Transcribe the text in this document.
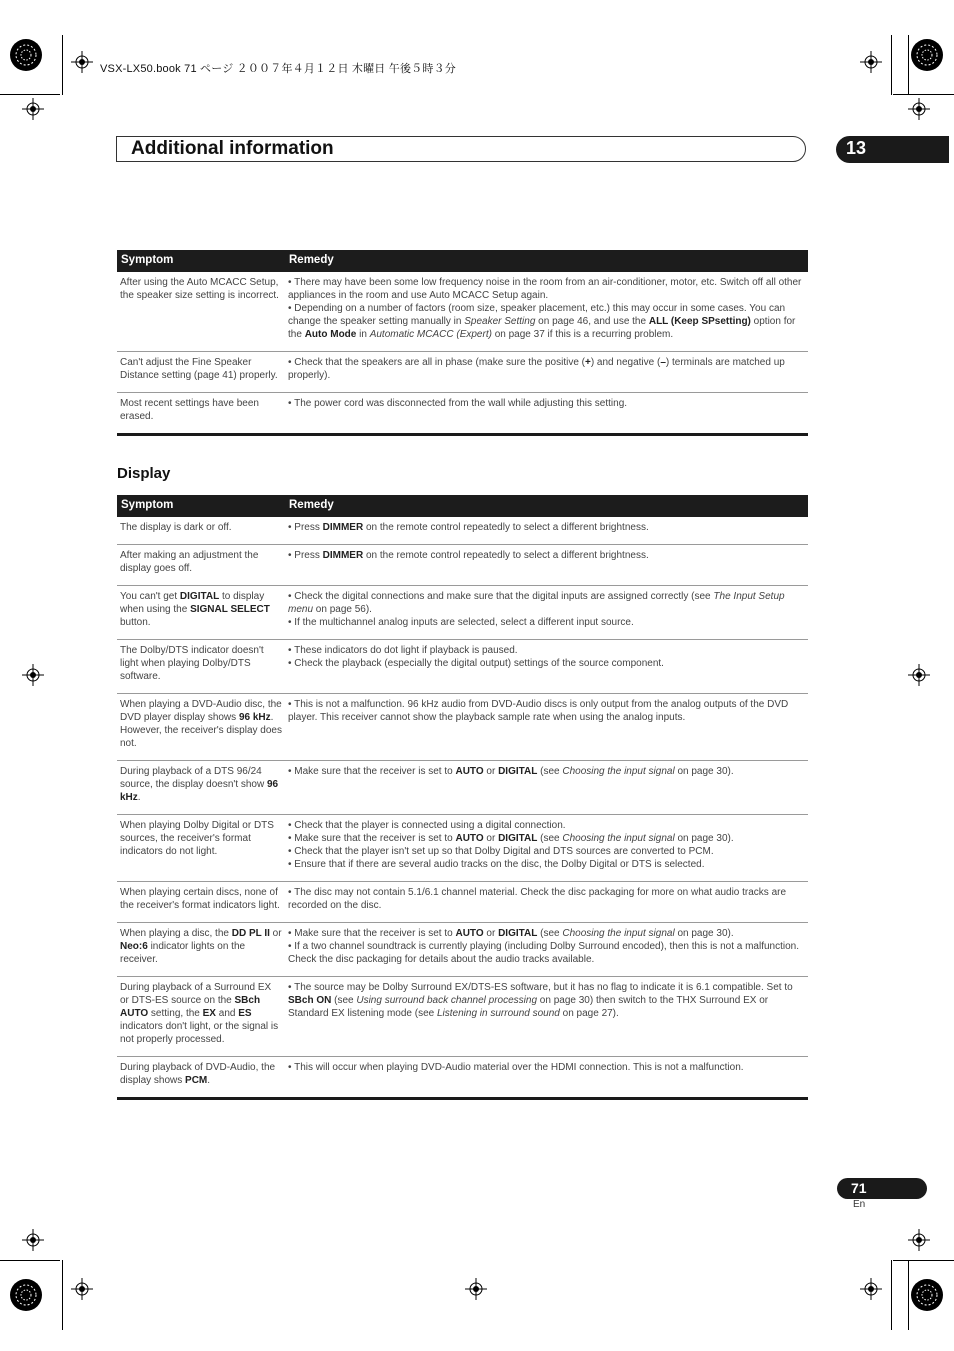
VSX-LX50.book 71 ページ ２００７年４月１２日 木曜日 午後５時３分
Additional information	13
Symptom	Remedy
After using the Auto MCACC Setup, the speaker size setting is incorrect.	• There may have been some low frequency noise in the room from an air-conditioner, motor, etc. Switch off all other appliances in the room and use Auto MCACC Setup again.
• Depending on a number of factors (room size, speaker placement, etc.) this may occur in some cases. You can change the speaker setting manually in Speaker Setting on page 46, and use the ALL (Keep SPsetting) option for the Auto Mode in Automatic MCACC (Expert) on page 37 if this is a recurring problem.
Can't adjust the Fine Speaker Distance setting (page 41) properly.	• Check that the speakers are all in phase (make sure the positive (+) and negative (–) terminals are matched up properly).
Most recent settings have been erased.	• The power cord was disconnected from the wall while adjusting this setting.
Display
Symptom	Remedy
The display is dark or off.	• Press DIMMER on the remote control repeatedly to select a different brightness.
After making an adjustment the display goes off.	• Press DIMMER on the remote control repeatedly to select a different brightness.
You can't get DIGITAL to display when using the SIGNAL SELECT button.	• Check the digital connections and make sure that the digital inputs are assigned correctly (see The Input Setup menu on page 56).
• If the multichannel analog inputs are selected, select a different input source.
The Dolby/DTS indicator doesn't light when playing Dolby/DTS software.	• These indicators do dot light if playback is paused.
• Check the playback (especially the digital output) settings of the source component.
When playing a DVD-Audio disc, the DVD player display shows 96 kHz. However, the receiver's display does not.	• This is not a malfunction. 96 kHz audio from DVD-Audio discs is only output from the analog outputs of the DVD player. This receiver cannot show the playback sample rate when using the analog inputs.
During playback of a DTS 96/24 source, the display doesn't show 96 kHz.	• Make sure that the receiver is set to AUTO or DIGITAL (see Choosing the input signal on page 30).
When playing Dolby Digital or DTS sources, the receiver's format indicators do not light.	• Check that the player is connected using a digital connection.
• Make sure that the receiver is set to AUTO or DIGITAL (see Choosing the input signal on page 30).
• Check that the player isn't set up so that Dolby Digital and DTS sources are converted to PCM.
• Ensure that if there are several audio tracks on the disc, the Dolby Digital or DTS is selected.
When playing certain discs, none of the receiver's format indicators light.	• The disc may not contain 5.1/6.1 channel material. Check the disc packaging for more on what audio tracks are recorded on the disc.
When playing a disc, the DD PL II or Neo:6 indicator lights on the receiver.	• Make sure that the receiver is set to AUTO or DIGITAL (see Choosing the input signal on page 30).
• If a two channel soundtrack is currently playing (including Dolby Surround encoded), then this is not a malfunction. Check the disc packaging for details about the audio tracks available.
During playback of a Surround EX or DTS-ES source on the SBch AUTO setting, the EX and ES indicators don't light, or the signal is not properly processed.	• The source may be Dolby Surround EX/DTS-ES software, but it has no flag to indicate it is 6.1 compatible. Set to SBch ON (see Using surround back channel processing on page 30) then switch to the THX Surround EX or Standard EX listening mode (see Listening in surround sound on page 27).
During playback of DVD-Audio, the display shows PCM.	• This will occur when playing DVD-Audio material over the HDMI connection. This is not a malfunction.
71
En
